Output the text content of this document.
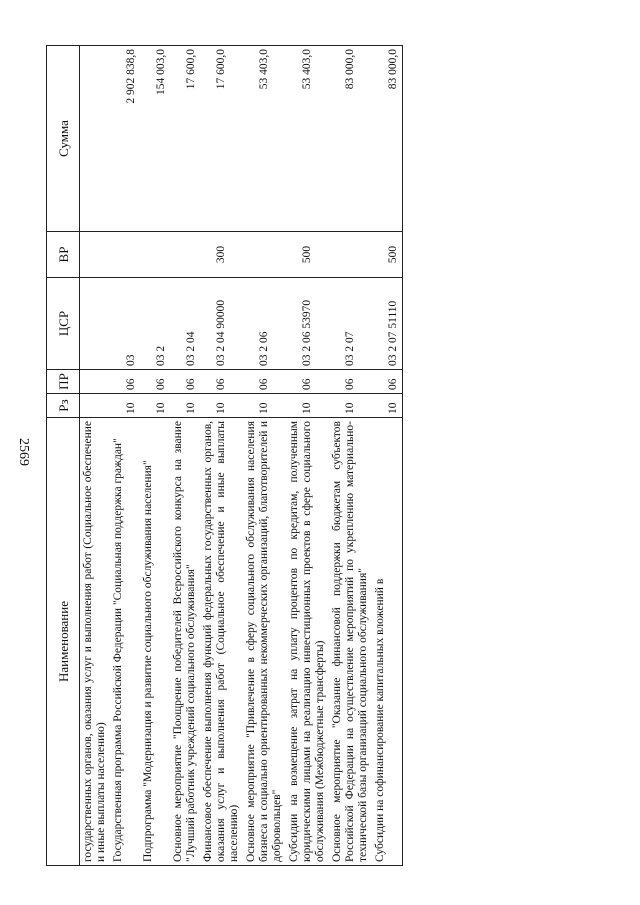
2569
Наименование	Рз	ПР	ЦСР	ВР	Сумма
государственных органов, оказания услуг и выполнения работ (Социальное обеспечение и иные выплаты населению)					
Государственная программа Российской Федерации "Социальная поддержка граждан"	10	06	03		2 902 838,8
Подпрограмма "Модернизация и развитие социального обслуживания населения"	10	06	03 2		154 003,0
Основное мероприятие "Поощрение победителей Всероссийского конкурса на звание "Лучший работник учреждений социального обслуживания"	10	06	03 2 04		17 600,0
Финансовое обеспечение выполнения функций федеральных государственных органов, оказания услуг и выполнения работ (Социальное обеспечение и иные выплаты населению)	10	06	03 2 04 90000	300	17 600,0
Основное мероприятие "Привлечение в сферу социального обслуживания населения бизнеса и социально ориентированных некоммерческих организаций, благотворителей и добровольцев"	10	06	03 2 06		53 403,0
Субсидии на возмещение затрат на уплату процентов по кредитам, полученным юридическими лицами на реализацию инвестиционных проектов в сфере социального обслуживания (Межбюджетные трансферты)	10	06	03 2 06 53970	500	53 403,0
Основное мероприятие "Оказание финансовой поддержки бюджетам субъектов Российской Федерации на осуществление мероприятий по укреплению материально-технической базы организаций социального обслуживания"	10	06	03 2 07		83 000,0
Субсидии на софинансирование капитальных вложений в	10	06	03 2 07 51110	500	83 000,0
